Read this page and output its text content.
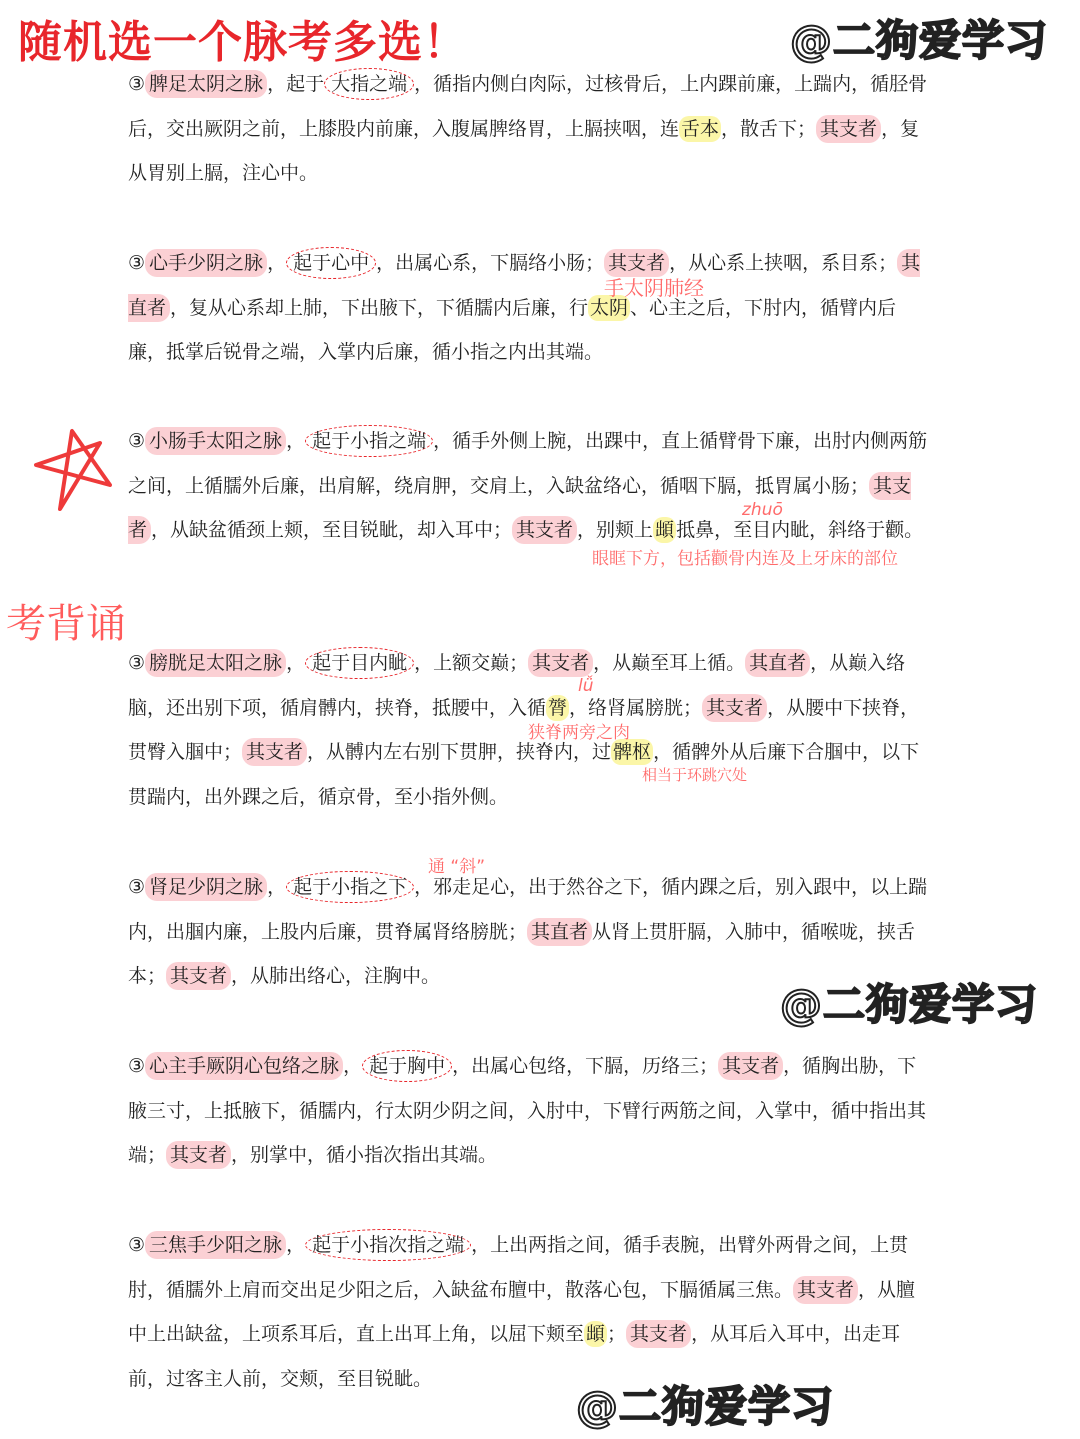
随机选一个脉考多选！	@二狗爱学习
@二狗爱学习
@二狗爱学习
考背诵

③ 脾足太阴之脉 ，起于 大指之端 ，循指内侧白肉际，过核骨后，上内踝前廉，上踹内，循胫骨后，交出厥阴之前，上膝股内前廉，入腹属脾络胃，上膈挟咽，连 舌本 ，散舌下； 其支者 ，复从胃别上膈，注心中。

③ 心手少阴之脉 ， 起于心中 ，出属心系，下膈络小肠； 其支者 ，从心系上挟咽，系目系； 其直者 ，复从心系却上肺，下出腋下，下循臑内后廉，行 太阴 、心主之后，下肘内，循臂内后廉，抵掌后锐骨之端，入掌内后廉，循小指之内出其端。

手太阴肺经

③ 小肠手太阳之脉 ， 起于小指之端 ，循手外侧上腕，出踝中，直上循臂骨下廉，出肘内侧两筋之间，上循臑外后廉，出肩解，绕肩胛，交肩上，入缺盆络心，循咽下膈，抵胃属小肠； 其支者 ，从缺盆循颈上颊，至目锐眦，却入耳中； 其支者 ，别颊上 䪼 抵鼻，至目内眦，斜络于颧。

zhuō
眼眶下方，包括颧骨内连及上牙床的部位

③ 膀胱足太阳之脉 ， 起于目内眦 ，上额交巅； 其支者 ，从巅至耳上循。 其直者 ，从巅入络脑，还出别下项，循肩髆内，挟脊，抵腰中，入循 膂 ，络肾属膀胱； 其支者 ，从腰中下挟脊，贯臀入腘中； 其支者 ，从髆内左右别下贯胛，挟脊内，过 髀枢 ，循髀外从后廉下合腘中，以下贯踹内，出外踝之后，循京骨，至小指外侧。

lǚ
狭脊两旁之肉
相当于环跳穴处

③ 肾足少阴之脉 ， 起于小指之下 ，邪走足心，出于然谷之下，循内踝之后，别入跟中，以上踹内，出腘内廉，上股内后廉，贯脊属肾络膀胱； 其直者 从肾上贯肝膈，入肺中，循喉咙，挟舌本； 其支者 ，从肺出络心，注胸中。

通 “斜”

③ 心主手厥阴心包络之脉 ， 起于胸中 ，出属心包络，下膈，历络三； 其支者 ，循胸出胁，下腋三寸，上抵腋下，循臑内，行太阴少阴之间，入肘中，下臂行两筋之间，入掌中，循中指出其端； 其支者 ，别掌中，循小指次指出其端。

③ 三焦手少阳之脉 ， 起于小指次指之端 ，上出两指之间，循手表腕，出臂外两骨之间，上贯肘，循臑外上肩而交出足少阳之后，入缺盆布膻中，散落心包，下膈循属三焦。 其支者 ，从膻中上出缺盆，上项系耳后，直上出耳上角，以屈下颊至 䪼 ； 其支者 ，从耳后入耳中，出走耳前，过客主人前，交颊，至目锐眦。
